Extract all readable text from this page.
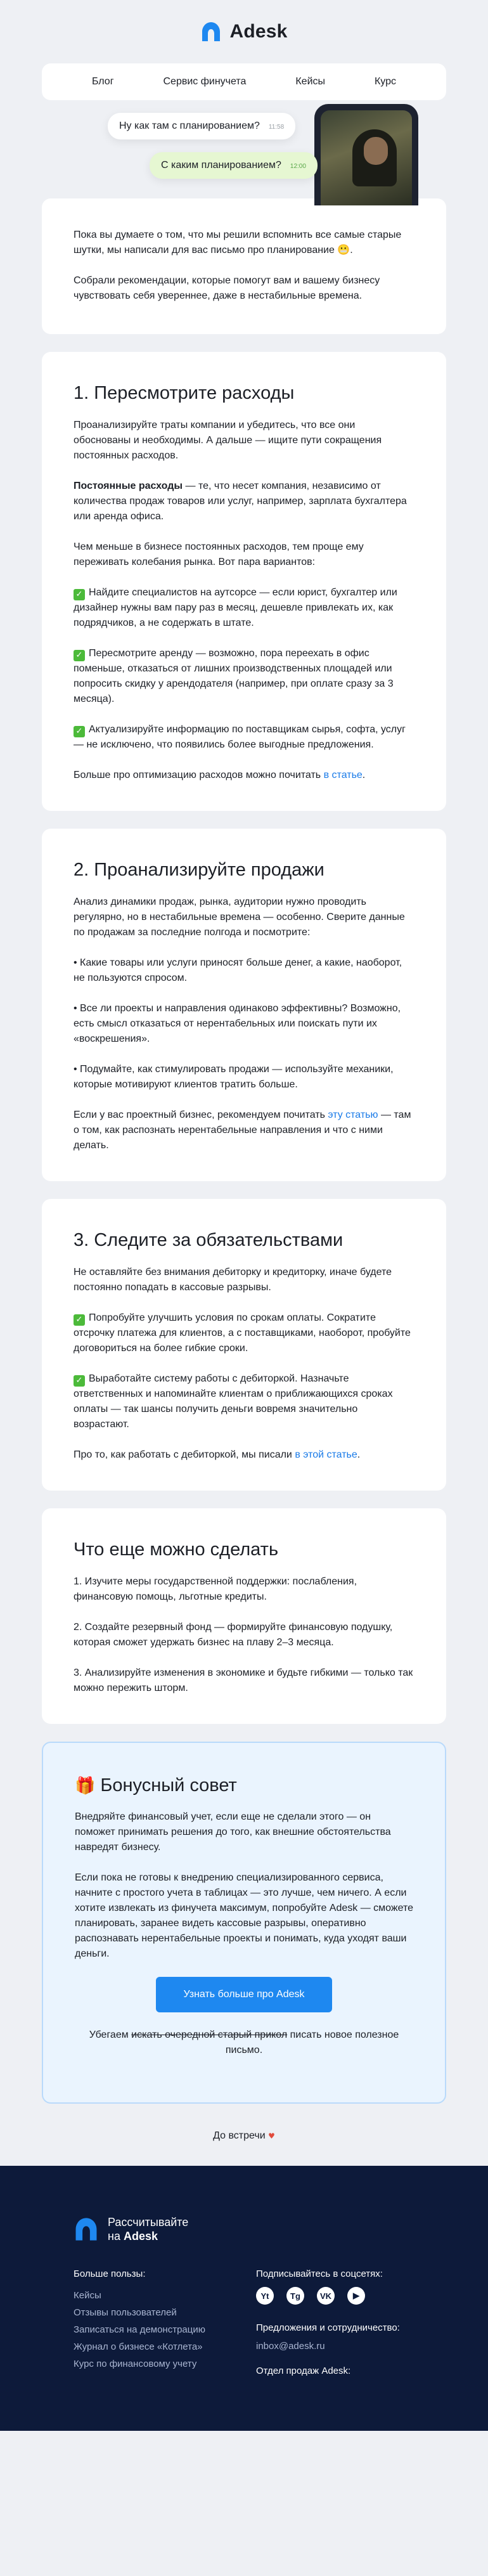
Adesk
Блог	Сервис финучета	Кейсы	Курс
Ну как там с планированием? 11:58
С каким планированием? 12:00

Пока вы думаете о том, что мы решили вспомнить все самые старые шутки, мы написали для вас письмо про планирование 😬.

Собрали рекомендации, которые помогут вам и вашему бизнесу чувствовать себя увереннее, даже в нестабильные времена.

1. Пересмотрите расходы

Проанализируйте траты компании и убедитесь, что все они обоснованы и необходимы. А дальше — ищите пути сокращения постоянных расходов.

Постоянные расходы — те, что несет компания, независимо от количества продаж товаров или услуг, например, зарплата бухгалтера или аренда офиса.

Чем меньше в бизнесе постоянных расходов, тем проще ему переживать колебания рынка. Вот пара вариантов:

✓ Найдите специалистов на аутсорсе — если юрист, бухгалтер или дизайнер нужны вам пару раз в месяц, дешевле привлекать их, как подрядчиков, а не содержать в штате.

✓ Пересмотрите аренду — возможно, пора переехать в офис поменьше, отказаться от лишних производственных площадей или попросить скидку у арендодателя (например, при оплате сразу за 3 месяца).

✓ Актуализируйте информацию по поставщикам сырья, софта, услуг — не исключено, что появились более выгодные предложения.

Больше про оптимизацию расходов можно почитать в статье.

2. Проанализируйте продажи

Анализ динамики продаж, рынка, аудитории нужно проводить регулярно, но в нестабильные времена — особенно. Сверите данные по продажам за последние полгода и посмотрите:

• Какие товары или услуги приносят больше денег, а какие, наоборот, не пользуются спросом.

• Все ли проекты и направления одинаково эффективны? Возможно, есть смысл отказаться от нерентабельных или поискать пути их «воскрешения».

• Подумайте, как стимулировать продажи — используйте механики, которые мотивируют клиентов тратить больше.

Если у вас проектный бизнес, рекомендуем почитать эту статью — там о том, как распознать нерентабельные направления и что с ними делать.

3. Следите за обязательствами

Не оставляйте без внимания дебиторку и кредиторку, иначе будете постоянно попадать в кассовые разрывы.

✓ Попробуйте улучшить условия по срокам оплаты. Сократите отсрочку платежа для клиентов, а с поставщиками, наоборот, пробуйте договориться на более гибкие сроки.

✓ Выработайте систему работы с дебиторкой. Назначьте ответственных и напоминайте клиентам о приближающихся сроках оплаты — так шансы получить деньги вовремя значительно возрастают.

Про то, как работать с дебиторкой, мы писали в этой статье.

Что еще можно сделать

1. Изучите меры государственной поддержки: послабления, финансовую помощь, льготные кредиты.

2. Создайте резервный фонд — формируйте финансовую подушку, которая сможет удержать бизнес на плаву 2–3 месяца.

3. Анализируйте изменения в экономике и будьте гибкими — только так можно пережить шторм.

🎁 Бонусный совет

Внедряйте финансовый учет, если еще не сделали этого — он поможет принимать решения до того, как внешние обстоятельства навредят бизнесу.

Если пока не готовы к внедрению специализированного сервиса, начните с простого учета в таблицах — это лучше, чем ничего. А если хотите извлекать из финучета максимум, попробуйте Adesk — сможете планировать, заранее видеть кассовые разрывы, оперативно распознавать нерентабельные проекты и понимать, куда уходят ваши деньги.

Узнать больше про Adesk

Убегаем искать очередной старый прикол писать новое полезное письмо.

До встречи ♥
Рассчитывайте
на Adesk
Больше пользы:
Кейсы
Отзывы пользователей
Записаться на демонстрацию
Журнал о бизнесе «Котлета»
Курс по финансовому учету
Подписывайтесь в соцсетях:
Yt	Tg	VK	▶
Предложения и сотрудничество:
inbox@adesk.ru
Отдел продаж Adesk:
